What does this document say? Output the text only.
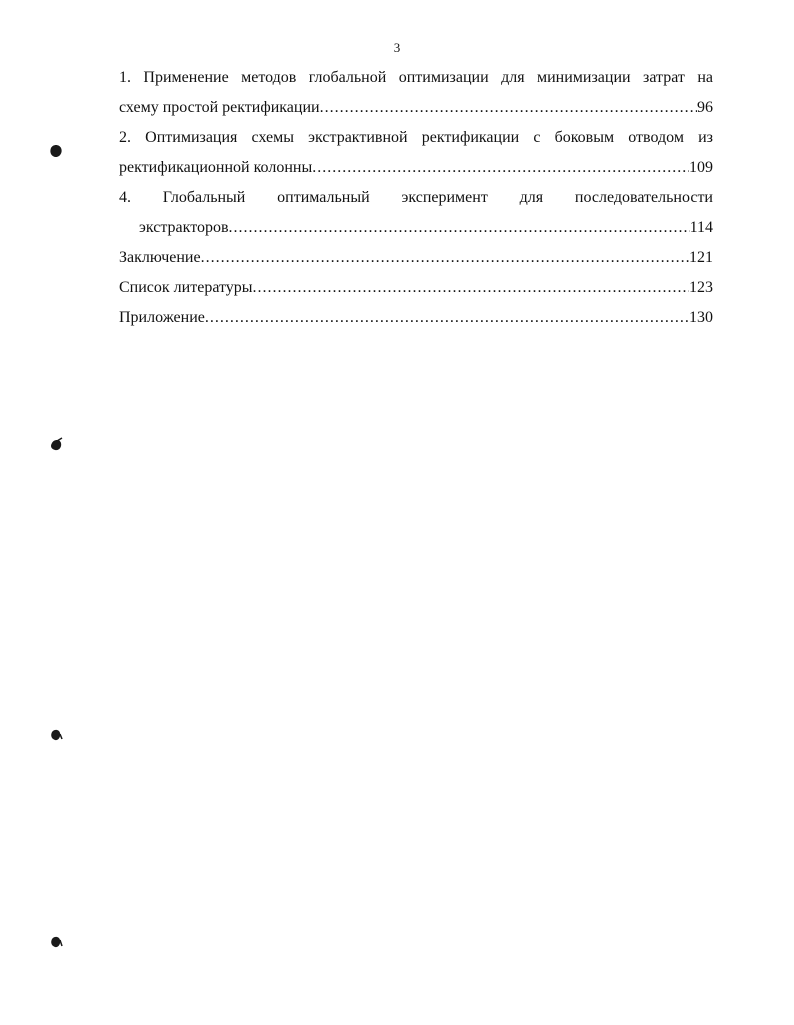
3
1. Применение методов глобальной оптимизации для минимизации затрат на
схему простой ректификации .....	96
2. Оптимизация схемы экстрактивной ректификации с боковым отводом из
ректификационной колонны .....	109
4. Глобальный оптимальный эксперимент для последовательности
экстракторов .....	114
Заключение .....	121
Список литературы .....	123
Приложение .....	130
